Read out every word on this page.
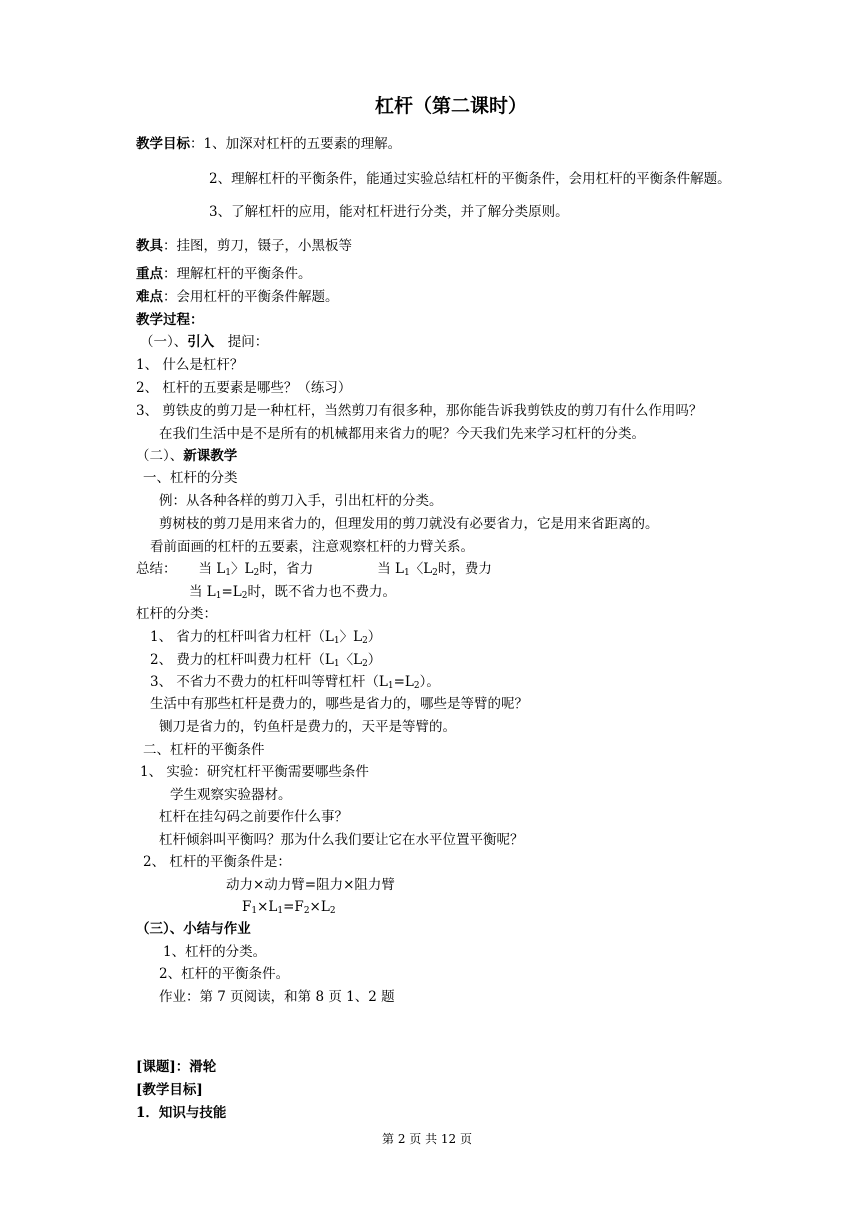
杠杆（第二课时）
教学目标：1、加深对杠杆的五要素的理解。
2、理解杠杆的平衡条件，能通过实验总结杠杆的平衡条件，会用杠杆的平衡条件解题。
3、了解杠杆的应用，能对杠杆进行分类，并了解分类原则。
教具：挂图，剪刀，镊子，小黑板等
重点：理解杠杆的平衡条件。
难点：会用杠杆的平衡条件解题。
教学过程：
（一）、引入　提问：
1、 什么是杠杆？
2、 杠杆的五要素是哪些？（练习）
3、 剪铁皮的剪刀是一种杠杆，当然剪刀有很多种，那你能告诉我剪铁皮的剪刀有什么作用吗？
在我们生活中是不是所有的机械都用来省力的呢？今天我们先来学习杠杆的分类。
（二）、新课教学
一、杠杆的分类
例：从各种各样的剪刀入手，引出杠杆的分类。
剪树枝的剪刀是用来省力的，但理发用的剪刀就没有必要省力，它是用来省距离的。
看前面画的杠杆的五要素，注意观察杠杆的力臂关系。
总结： 当 $L_1$〉$L_2$时，省力	当 $L_1$〈$L_2$时，费力
当 $L_1=L_2$时，既不省力也不费力。
杠杆的分类：
1、 省力的杠杆叫省力杠杆（$L_1$〉$L_2$）
2、 费力的杠杆叫费力杠杆（$L_1$〈$L_2$）
3、 不省力不费力的杠杆叫等臂杠杆$(L_1=L_2)$。
生活中有那些杠杆是费力的，哪些是省力的，哪些是等臂的呢？
铡刀是省力的，钓鱼杆是费力的，天平是等臂的。
二、杠杆的平衡条件
1、 实验：研究杠杆平衡需要哪些条件
学生观察实验器材。
杠杆在挂勾码之前要作什么事？
杠杆倾斜叫平衡吗？那为什么我们要让它在水平位置平衡呢？
2、 杠杆的平衡条件是：
动力×动力臂=阻力×阻力臂
$F_1\times L_1=F_2\times L_2$
（三）、小结与作业
1、杠杆的分类。
2、杠杆的平衡条件。
作业：第 7 页阅读，和第 8 页 1、2 题
[课题]：滑轮
[教学目标]
1．知识与技能
第 2 页 共 12 页
